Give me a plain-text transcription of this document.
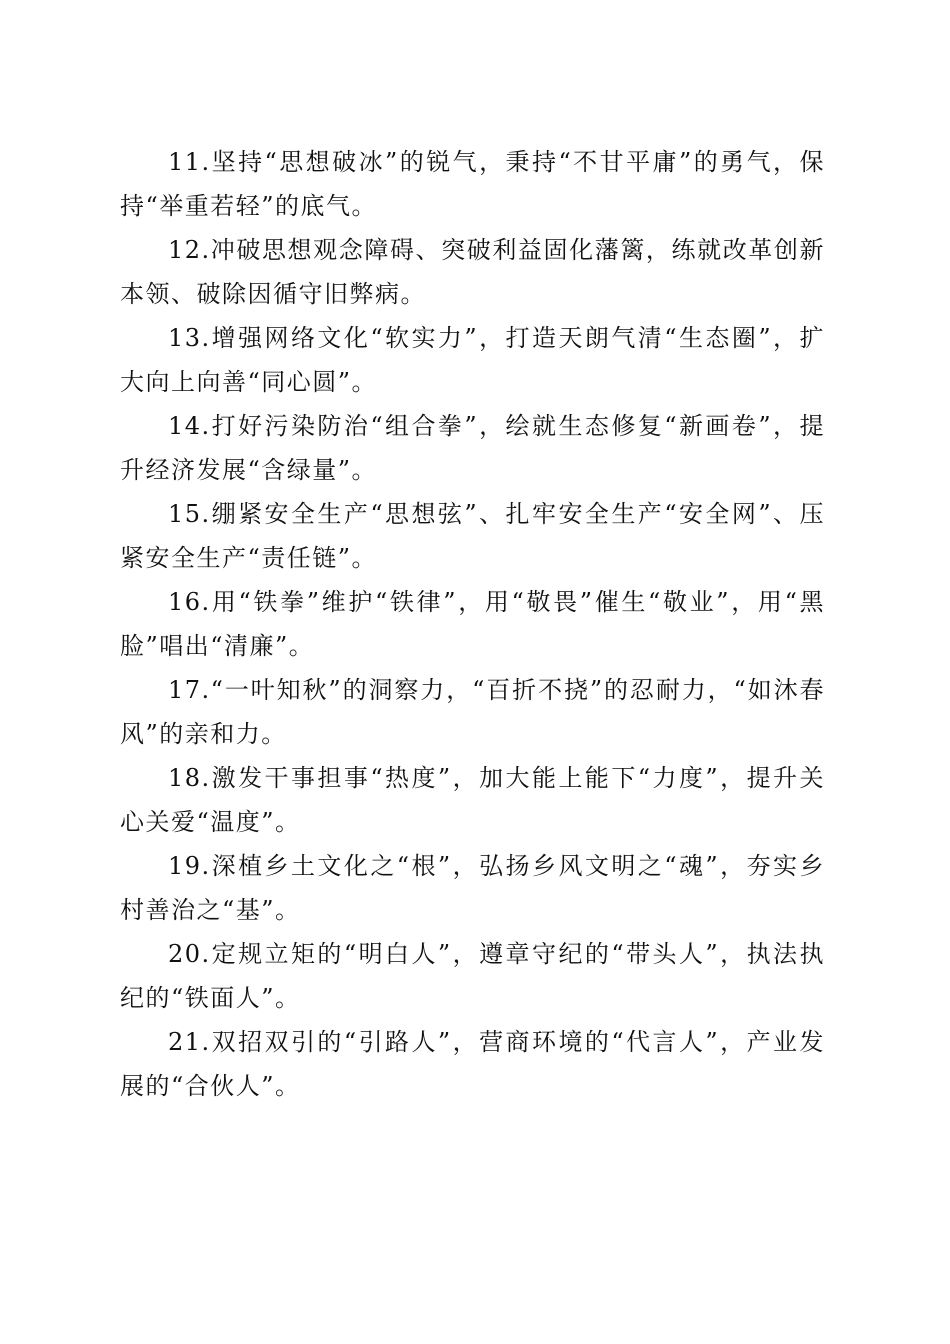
11.坚持“思想破冰”的锐气，秉持“不甘平庸”的勇气，保持“举重若轻”的底气。

12.冲破思想观念障碍、突破利益固化藩篱，练就改革创新本领、破除因循守旧弊病。

13.增强网络文化“软实力”，打造天朗气清“生态圈”，扩大向上向善“同心圆”。

14.打好污染防治“组合拳”，绘就生态修复“新画卷”，提升经济发展“含绿量”。

15.绷紧安全生产“思想弦”、扎牢安全生产“安全网”、压紧安全生产“责任链”。

16.用“铁拳”维护“铁律”，用“敬畏”催生“敬业”，用“黑脸”唱出“清廉”。

17.“一叶知秋”的洞察力，“百折不挠”的忍耐力，“如沐春风”的亲和力。

18.激发干事担事“热度”，加大能上能下“力度”，提升关心关爱“温度”。

19.深植乡土文化之“根”，弘扬乡风文明之“魂”，夯实乡村善治之“基”。

20.定规立矩的“明白人”，遵章守纪的“带头人”，执法执纪的“铁面人”。

21.双招双引的“引路人”，营商环境的“代言人”，产业发展的“合伙人”。
